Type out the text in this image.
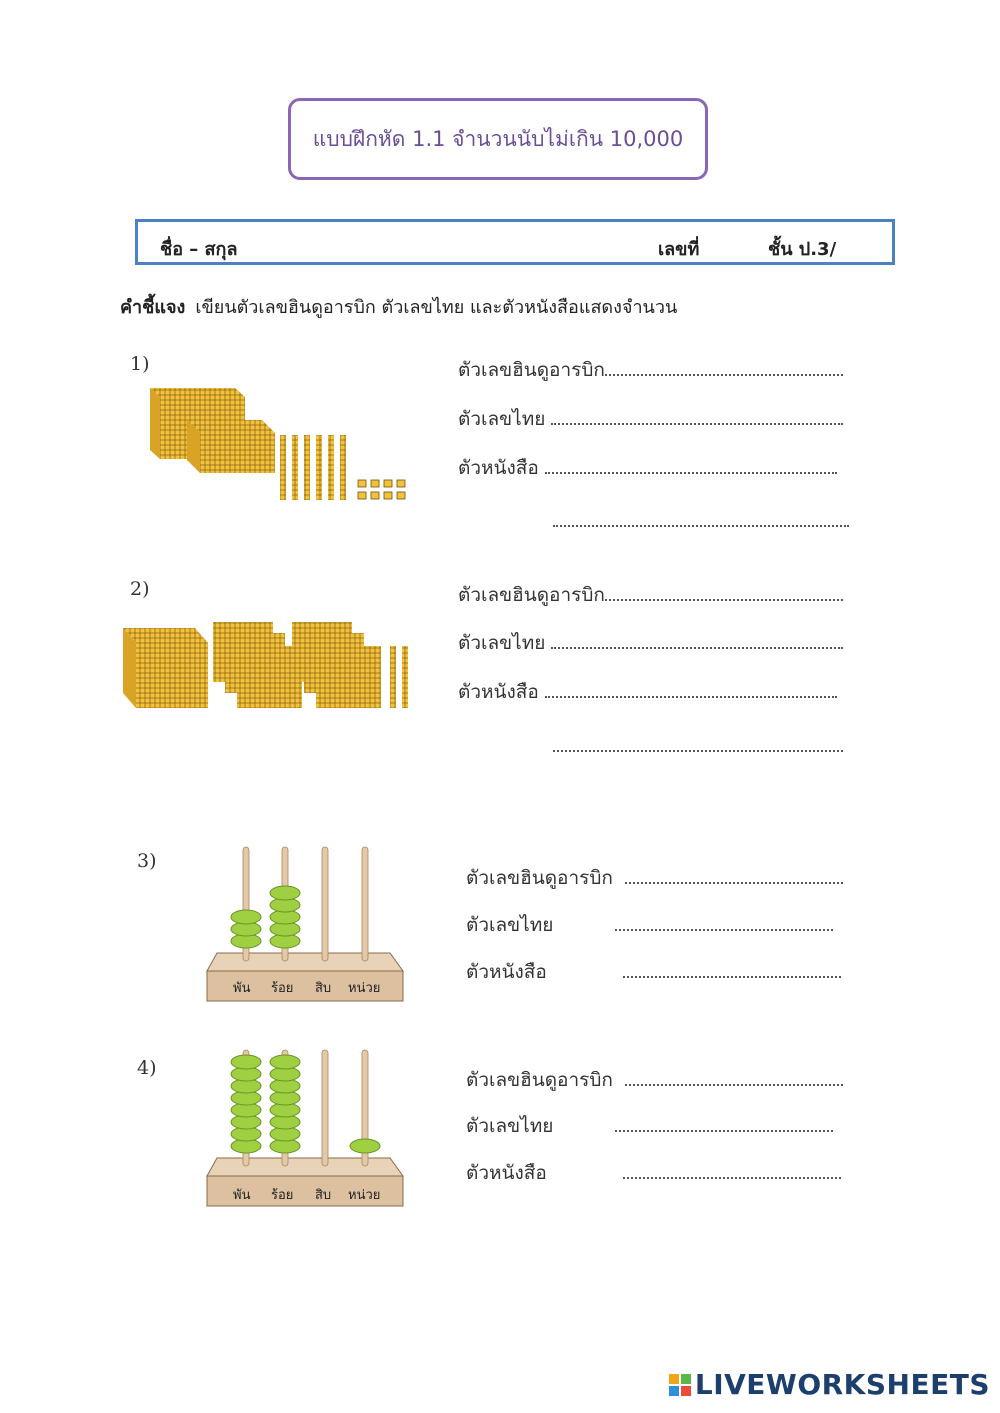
แบบฝึกหัด 1.1 จำนวนนับไม่เกิน 10,000
ชื่อ – สกุล	เลขที่	ชั้น ป.3/
คำชี้แจง เขียนตัวเลขฮินดูอารบิก ตัวเลขไทย และตัวหนังสือแสดงจำนวน
1)	ตัวเลขฮินดูอารบิก
ตัวเลขไทย
ตัวหนังสือ
2)	ตัวเลขฮินดูอารบิก
ตัวเลขไทย
ตัวหนังสือ
3)
พัน ร้อย สิบ หน่วย
ตัวเลขฮินดูอารบิก
ตัวเลขไทย
ตัวหนังสือ
4)
พัน ร้อย สิบ หน่วย
ตัวเลขฮินดูอารบิก
ตัวเลขไทย
ตัวหนังสือ
LIVEWORKSHEETS
